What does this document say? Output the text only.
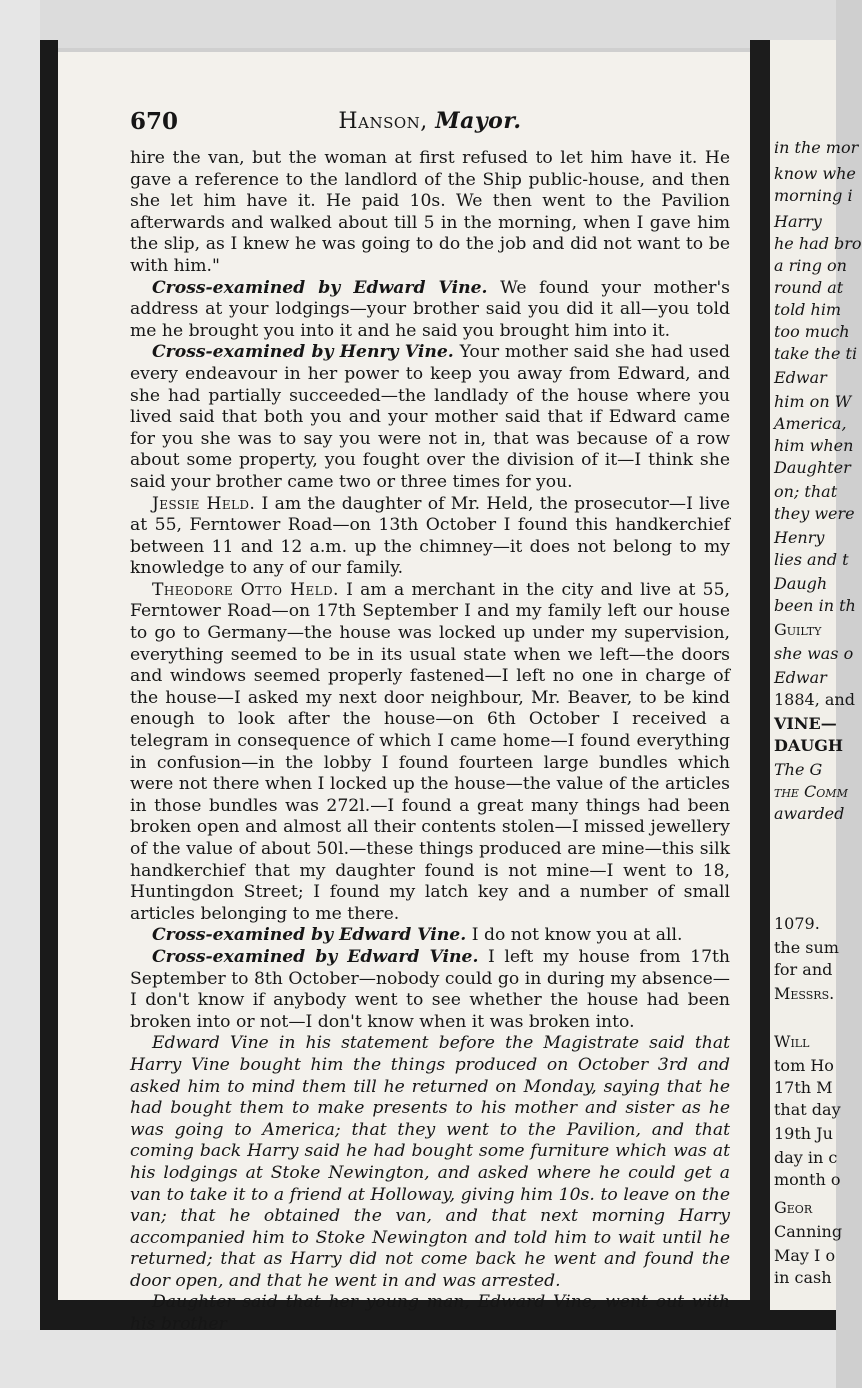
670	Hanson, Mayor.

hire the van, but the woman at first refused to let him have it. He gave a reference to the landlord of the Ship public-house, and then she let him have it. He paid 10s. We then went to the Pavilion afterwards and walked about till 5 in the morning, when I gave him the slip, as I knew he was going to do the job and did not want to be with him."

Cross-examined by Edward Vine. We found your mother's address at your lodgings—your brother said you did it all—you told me he brought you into it and he said you brought him into it.

Cross-examined by Henry Vine. Your mother said she had used every endeavour in her power to keep you away from Edward, and she had partially succeeded—the landlady of the house where you lived said that both you and your mother said that if Edward came for you she was to say you were not in, that was because of a row about some property, you fought over the division of it—I think she said your brother came two or three times for you.

Jessie Held. I am the daughter of Mr. Held, the prosecutor—I live at 55, Ferntower Road—on 13th October I found this handkerchief between 11 and 12 a.m. up the chimney—it does not belong to my knowledge to any of our family.

Theodore Otto Held. I am a merchant in the city and live at 55, Ferntower Road—on 17th September I and my family left our house to go to Germany—the house was locked up under my supervision, everything seemed to be in its usual state when we left—the doors and windows seemed properly fastened—I left no one in charge of the house—I asked my next door neighbour, Mr. Beaver, to be kind enough to look after the house—on 6th October I received a telegram in consequence of which I came home—I found everything in confusion—in the lobby I found fourteen large bundles which were not there when I locked up the house—the value of the articles in those bundles was 272l.—I found a great many things had been broken open and almost all their contents stolen—I missed jewellery of the value of about 50l.—these things produced are mine—this silk handkerchief that my daughter found is not mine—I went to 18, Huntingdon Street; I found my latch key and a number of small articles belonging to me there.

Cross-examined by Edward Vine. I do not know you at all.

Cross-examined by Edward Vine. I left my house from 17th September to 8th October—nobody could go in during my absence—I don't know if anybody went to see whether the house had been broken into or not—I don't know when it was broken into.

Edward Vine in his statement before the Magistrate said that Harry Vine bought him the things produced on October 3rd and asked him to mind them till he returned on Monday, saying that he had bought them to make presents to his mother and sister as he was going to America; that they went to the Pavilion, and that coming back Harry said he had bought some furniture which was at his lodgings at Stoke Newington, and asked where he could get a van to take it to a friend at Holloway, giving him 10s. to leave on the van; that he obtained the van, and that next morning Harry accompanied him to Stoke Newington and told him to wait until he returned; that as Harry did not come back he went and found the door open, and that he went in and was arrested.

Daughter said that her young man, Edward Vine, went out with his brother

in the mor
know whe
morning i
Harry
he had bro
a ring on
round at
told him
too much
take the ti
Edwar
him on W
America,
him when
Daughter
on; that
they were
Henry
lies and t
Daugh
been in th
Guilty
she was o
Edwar
1884, and
VINE—
DAUGH
The G
the Comm
awarded
1079.
the sum
for and
Messrs.
Will
tom Ho
17th M
that day
19th Ju
day in c
month o
Geor
Canning
May I o
in cash
